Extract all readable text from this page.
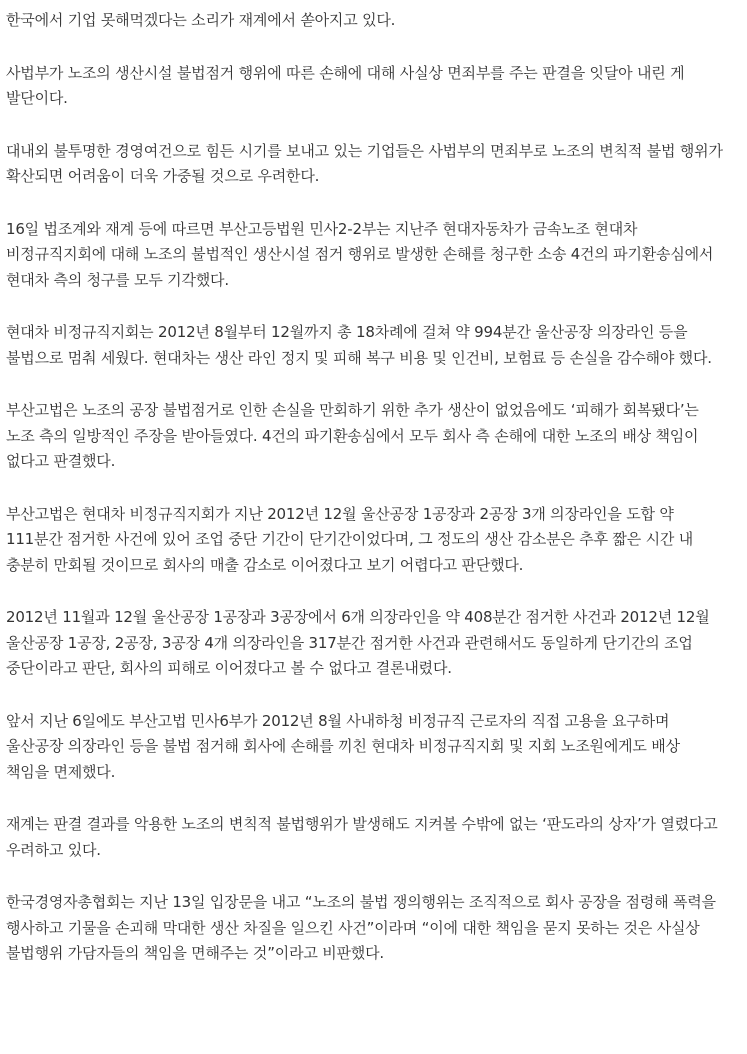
한국에서 기업 못해먹겠다는 소리가 재계에서 쏟아지고 있다.

사법부가 노조의 생산시설 불법점거 행위에 따른 손해에 대해 사실상 면죄부를 주는 판결을 잇달아 내린 게 발단이다.

대내외 불투명한 경영여건으로 힘든 시기를 보내고 있는 기업들은 사법부의 면죄부로 노조의 변칙적 불법 행위가 확산되면 어려움이 더욱 가중될 것으로 우려한다.

16일 법조계와 재계 등에 따르면 부산고등법원 민사2-2부는 지난주 현대자동차가 금속노조 현대차 비정규직지회에 대해 노조의 불법적인 생산시설 점거 행위로 발생한 손해를 청구한 소송 4건의 파기환송심에서 현대차 측의 청구를 모두 기각했다.

현대차 비정규직지회는 2012년 8월부터 12월까지 총 18차례에 걸쳐 약 994분간 울산공장 의장라인 등을 불법으로 멈춰 세웠다. 현대차는 생산 라인 정지 및 피해 복구 비용 및 인건비, 보험료 등 손실을 감수해야 했다.

부산고법은 노조의 공장 불법점거로 인한 손실을 만회하기 위한 추가 생산이 없었음에도 ‘피해가 회복됐다’는 노조 측의 일방적인 주장을 받아들였다. 4건의 파기환송심에서 모두 회사 측 손해에 대한 노조의 배상 책임이 없다고 판결했다.

부산고법은 현대차 비정규직지회가 지난 2012년 12월 울산공장 1공장과 2공장 3개 의장라인을 도합 약 111분간 점거한 사건에 있어 조업 중단 기간이 단기간이었다며, 그 정도의 생산 감소분은 추후 짧은 시간 내 충분히 만회될 것이므로 회사의 매출 감소로 이어졌다고 보기 어렵다고 판단했다.

2012년 11월과 12월 울산공장 1공장과 3공장에서 6개 의장라인을 약 408분간 점거한 사건과 2012년 12월 울산공장 1공장, 2공장, 3공장 4개 의장라인을 317분간 점거한 사건과 관련해서도 동일하게 단기간의 조업 중단이라고 판단, 회사의 피해로 이어졌다고 볼 수 없다고 결론내렸다.

앞서 지난 6일에도 부산고법 민사6부가 2012년 8월 사내하청 비정규직 근로자의 직접 고용을 요구하며 울산공장 의장라인 등을 불법 점거해 회사에 손해를 끼친 현대차 비정규직지회 및 지회 노조원에게도 배상 책임을 면제했다.

재계는 판결 결과를 악용한 노조의 변칙적 불법행위가 발생해도 지켜볼 수밖에 없는 ‘판도라의 상자’가 열렸다고 우려하고 있다.

한국경영자총협회는 지난 13일 입장문을 내고 “노조의 불법 쟁의행위는 조직적으로 회사 공장을 점령해 폭력을 행사하고 기물을 손괴해 막대한 생산 차질을 일으킨 사건”이라며 “이에 대한 책임을 묻지 못하는 것은 사실상 불법행위 가담자들의 책임을 면해주는 것”이라고 비판했다.
